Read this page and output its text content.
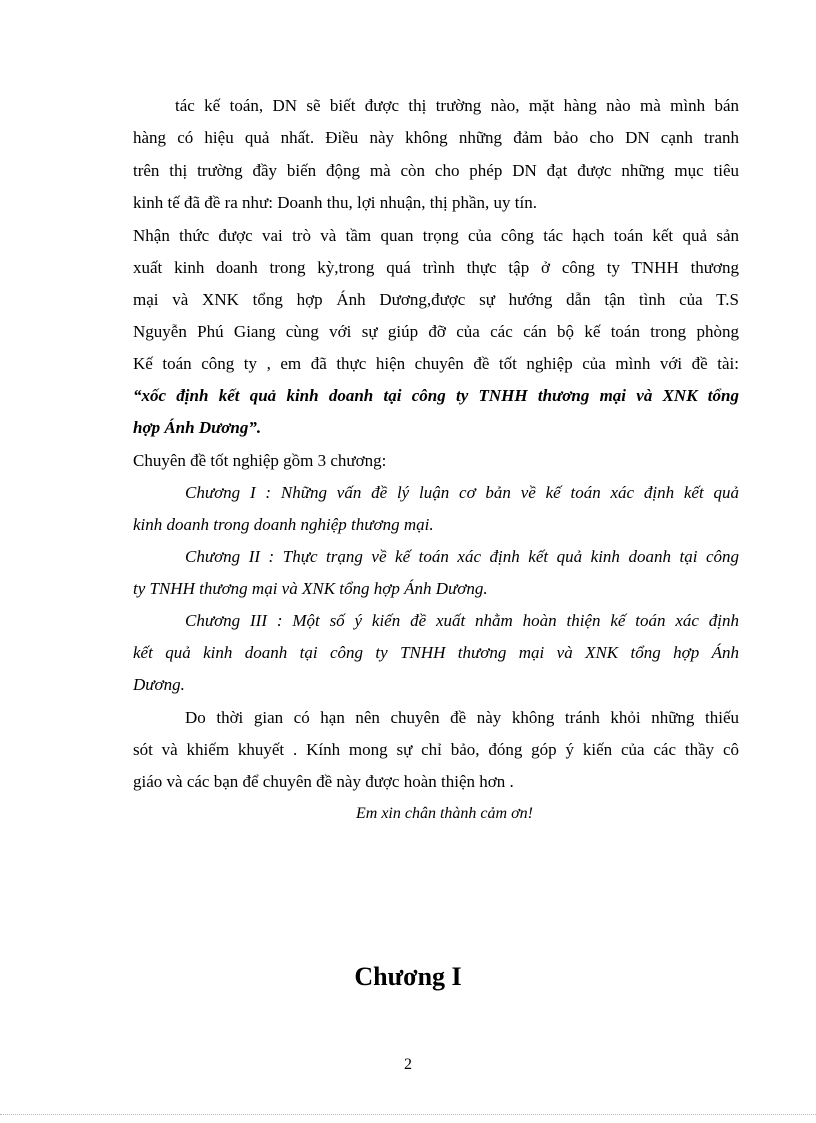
tác kế toán, DN sẽ biết được thị trường nào, mặt hàng nào mà mình bán
hàng có hiệu quả nhất. Điều này không những đảm bảo cho DN cạnh tranh
trên thị trường đầy biến động mà còn cho phép DN đạt được những mục tiêu
kinh tế đã đề ra như: Doanh thu, lợi nhuận, thị phần, uy tín.
Nhận thức được vai trò và tầm quan trọng của công tác hạch toán kết quả sản
xuất kinh doanh trong kỳ,trong quá trình thực tập ở công ty TNHH thương
mại và XNK tổng hợp Ánh Dương,được sự hướng dẫn tận tình của T.S
Nguyễn Phú Giang cùng với sự giúp đỡ của các cán bộ kế toán trong phòng
Kế toán công ty , em đã thực hiện chuyên đề tốt nghiệp của mình với đề tài:
“xốc định kết quả kinh doanh tại công ty TNHH thương mại và XNK tổng
hợp Ánh Dương”.
Chuyên đề tốt nghiệp gồm 3 chương:
Chương I : Những vấn đề lý luận cơ bản về kế toán xác định kết quả
kinh doanh trong doanh nghiệp thương mại.
Chương II : Thực trạng về kế toán xác định kết quả kinh doanh tại công
ty TNHH thương mại và XNK tổng hợp Ánh Dương.
Chương III : Một số ý kiến đề xuất nhằm hoàn thiện kế toán xác định
kết quả kinh doanh tại công ty TNHH thương mại và XNK tổng hợp Ánh
Dương.
Do thời gian có hạn nên chuyên đề này không tránh khỏi những thiếu
sót và khiếm khuyết . Kính mong sự chỉ bảo, đóng góp ý kiến của các thầy cô
giáo và các bạn để chuyên đề này được hoàn thiện hơn .
Em xin chân thành cảm ơn!
Chương I
2
